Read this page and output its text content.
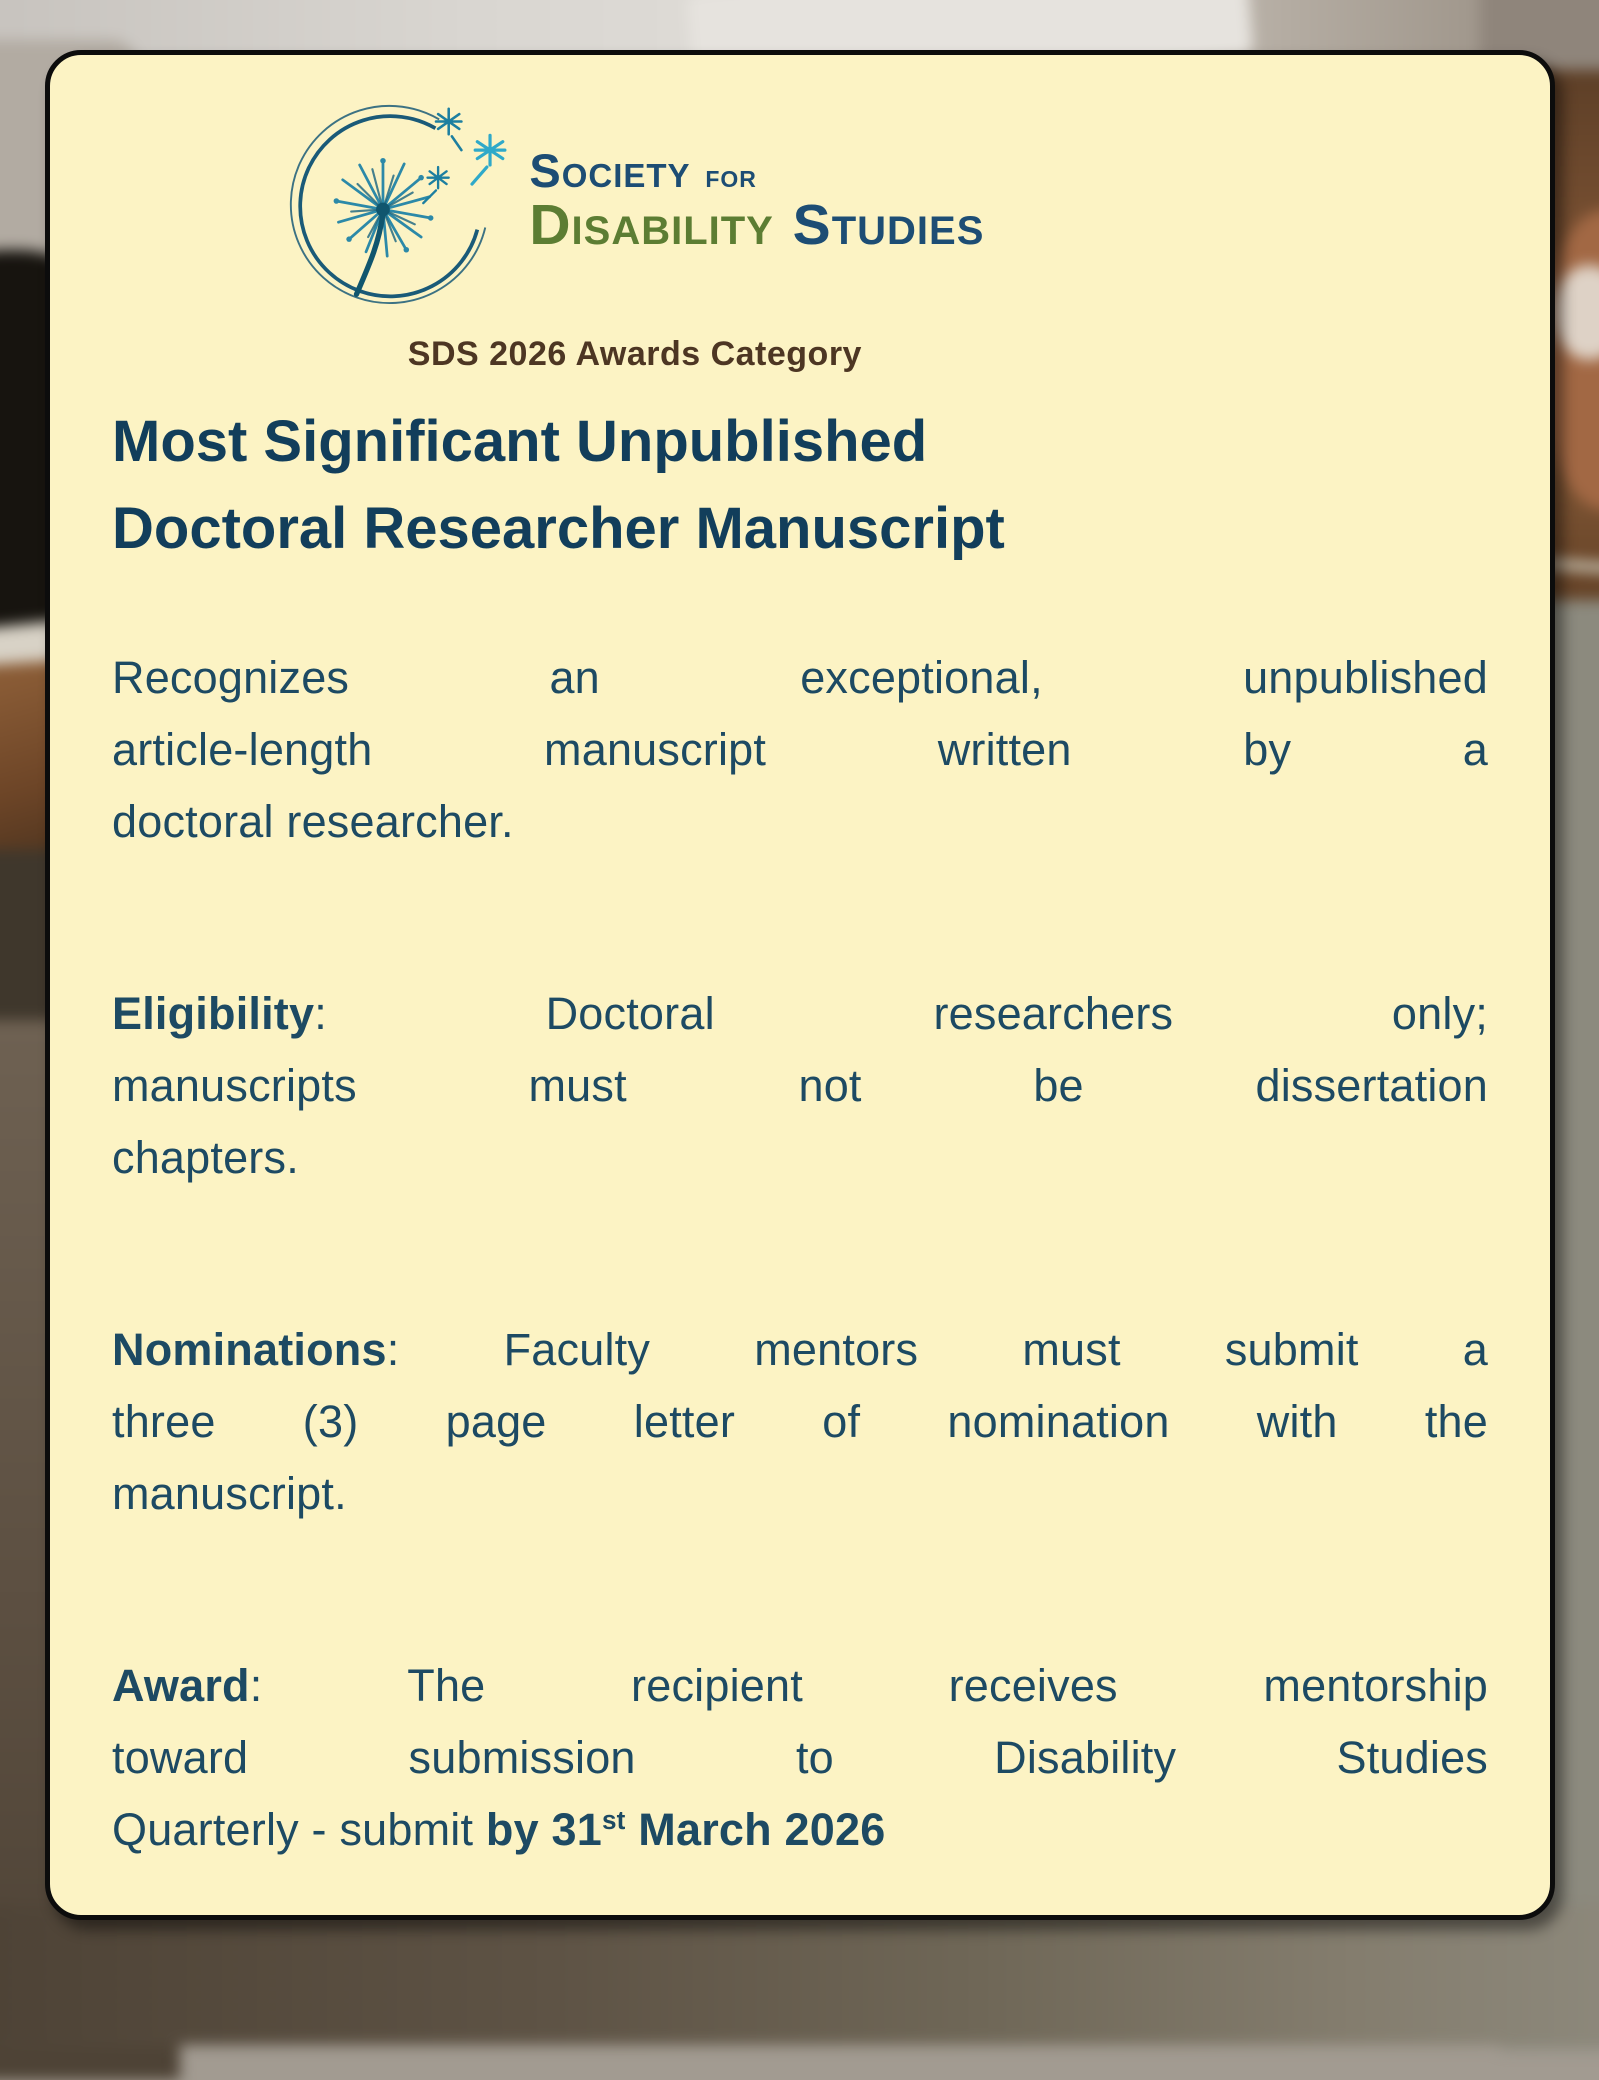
Society for
Disability Studies
SDS 2026 Awards Category
Most Significant Unpublished
Doctoral Researcher Manuscript
Recognizes an exceptional, unpublished
article-length manuscript written by a
doctoral researcher.
Eligibility: Doctoral researchers only;
manuscripts must not be dissertation
chapters.
Nominations: Faculty mentors must submit a
three (3) page letter of nomination with the
manuscript.
Award: The recipient receives mentorship
toward submission to Disability Studies
Quarterly - submit by 31st March 2026
